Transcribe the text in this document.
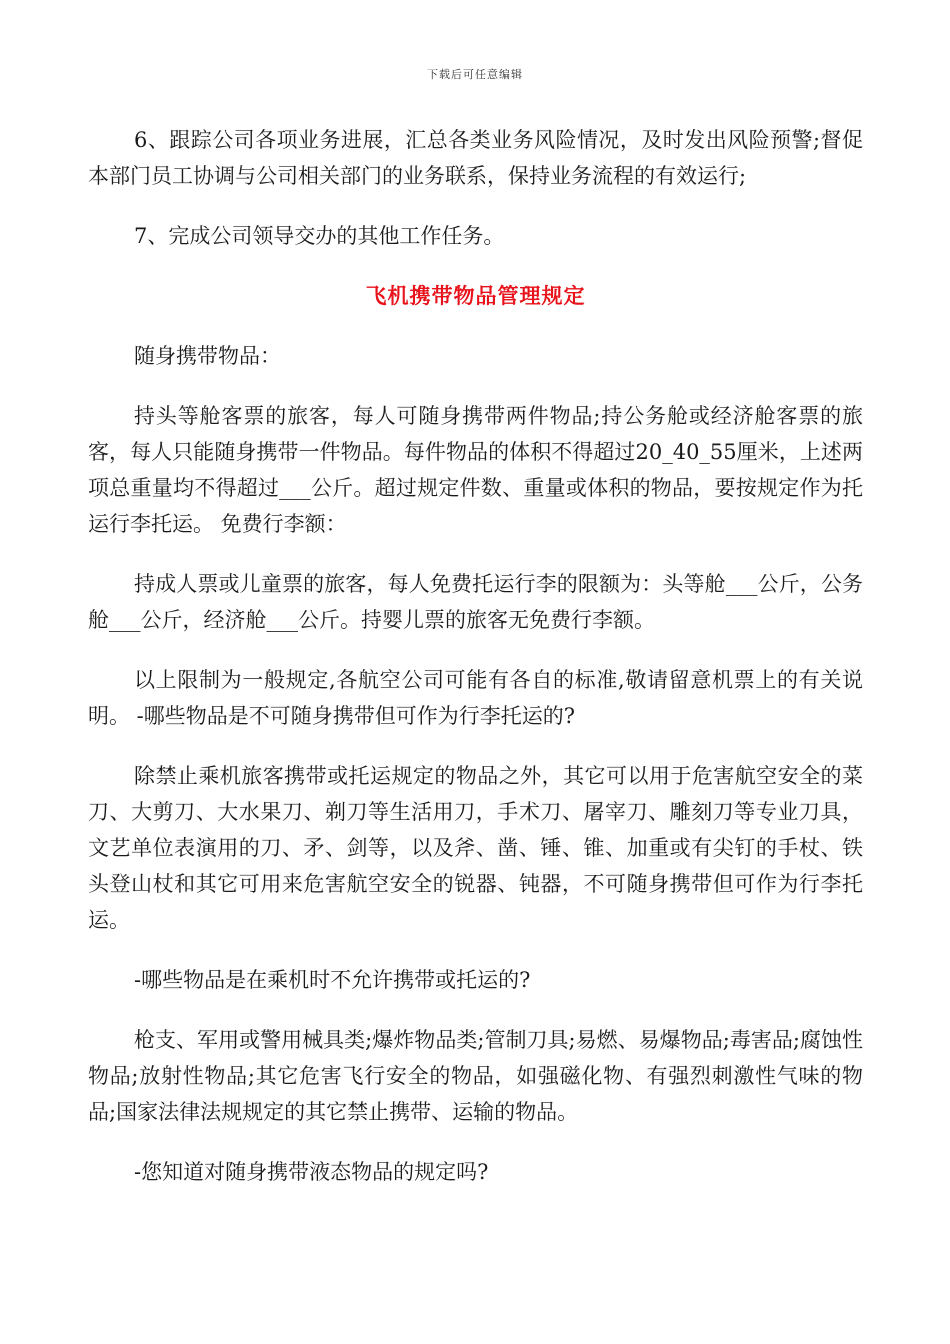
下载后可任意编辑

6、跟踪公司各项业务进展，汇总各类业务风险情况，及时发出风险预警;督促本部门员工协调与公司相关部门的业务联系，保持业务流程的有效运行;

7、完成公司领导交办的其他工作任务。

飞机携带物品管理规定

随身携带物品：

持头等舱客票的旅客，每人可随身携带两件物品;持公务舱或经济舱客票的旅客，每人只能随身携带一件物品。每件物品的体积不得超过20_40_55厘米，上述两项总重量均不得超过___公斤。超过规定件数、重量或体积的物品，要按规定作为托运行李托运。 免费行李额：

持成人票或儿童票的旅客，每人免费托运行李的限额为：头等舱___公斤，公务舱___公斤，经济舱___公斤。持婴儿票的旅客无免费行李额。

以上限制为一般规定,各航空公司可能有各自的标准,敬请留意机票上的有关说明。 -哪些物品是不可随身携带但可作为行李托运的?

除禁止乘机旅客携带或托运规定的物品之外，其它可以用于危害航空安全的菜刀、大剪刀、大水果刀、剃刀等生活用刀，手术刀、屠宰刀、雕刻刀等专业刀具，文艺单位表演用的刀、矛、剑等，以及斧、凿、锤、锥、加重或有尖钉的手杖、铁头登山杖和其它可用来危害航空安全的锐器、钝器，不可随身携带但可作为行李托运。

-哪些物品是在乘机时不允许携带或托运的?

枪支、军用或警用械具类;爆炸物品类;管制刀具;易燃、易爆物品;毒害品;腐蚀性物品;放射性物品;其它危害飞行安全的物品，如强磁化物、有强烈刺激性气味的物品;国家法律法规规定的其它禁止携带、运输的物品。

-您知道对随身携带液态物品的规定吗?
